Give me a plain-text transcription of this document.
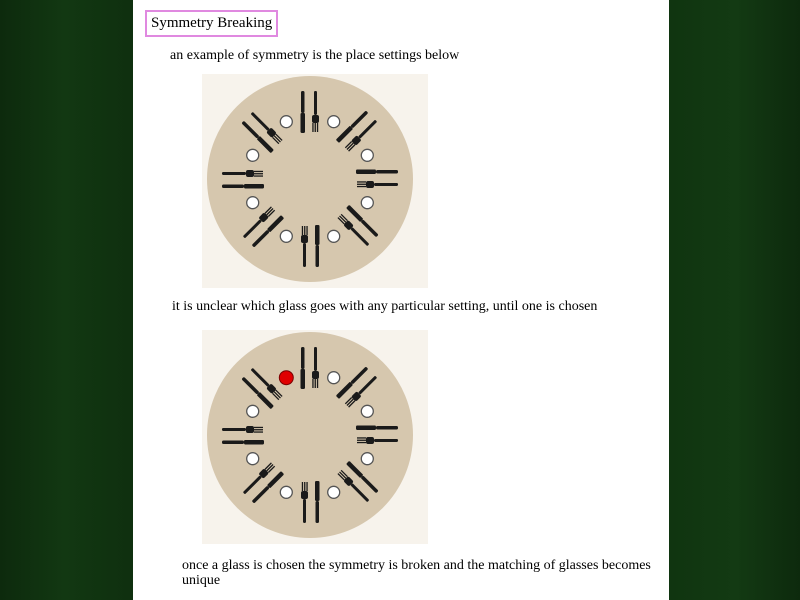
Symmetry Breaking
an example of symmetry is the place settings below
it is unclear which glass goes with any particular setting, until one is chosen
once a glass is chosen the symmetry is broken and the matching of glasses becomes unique
